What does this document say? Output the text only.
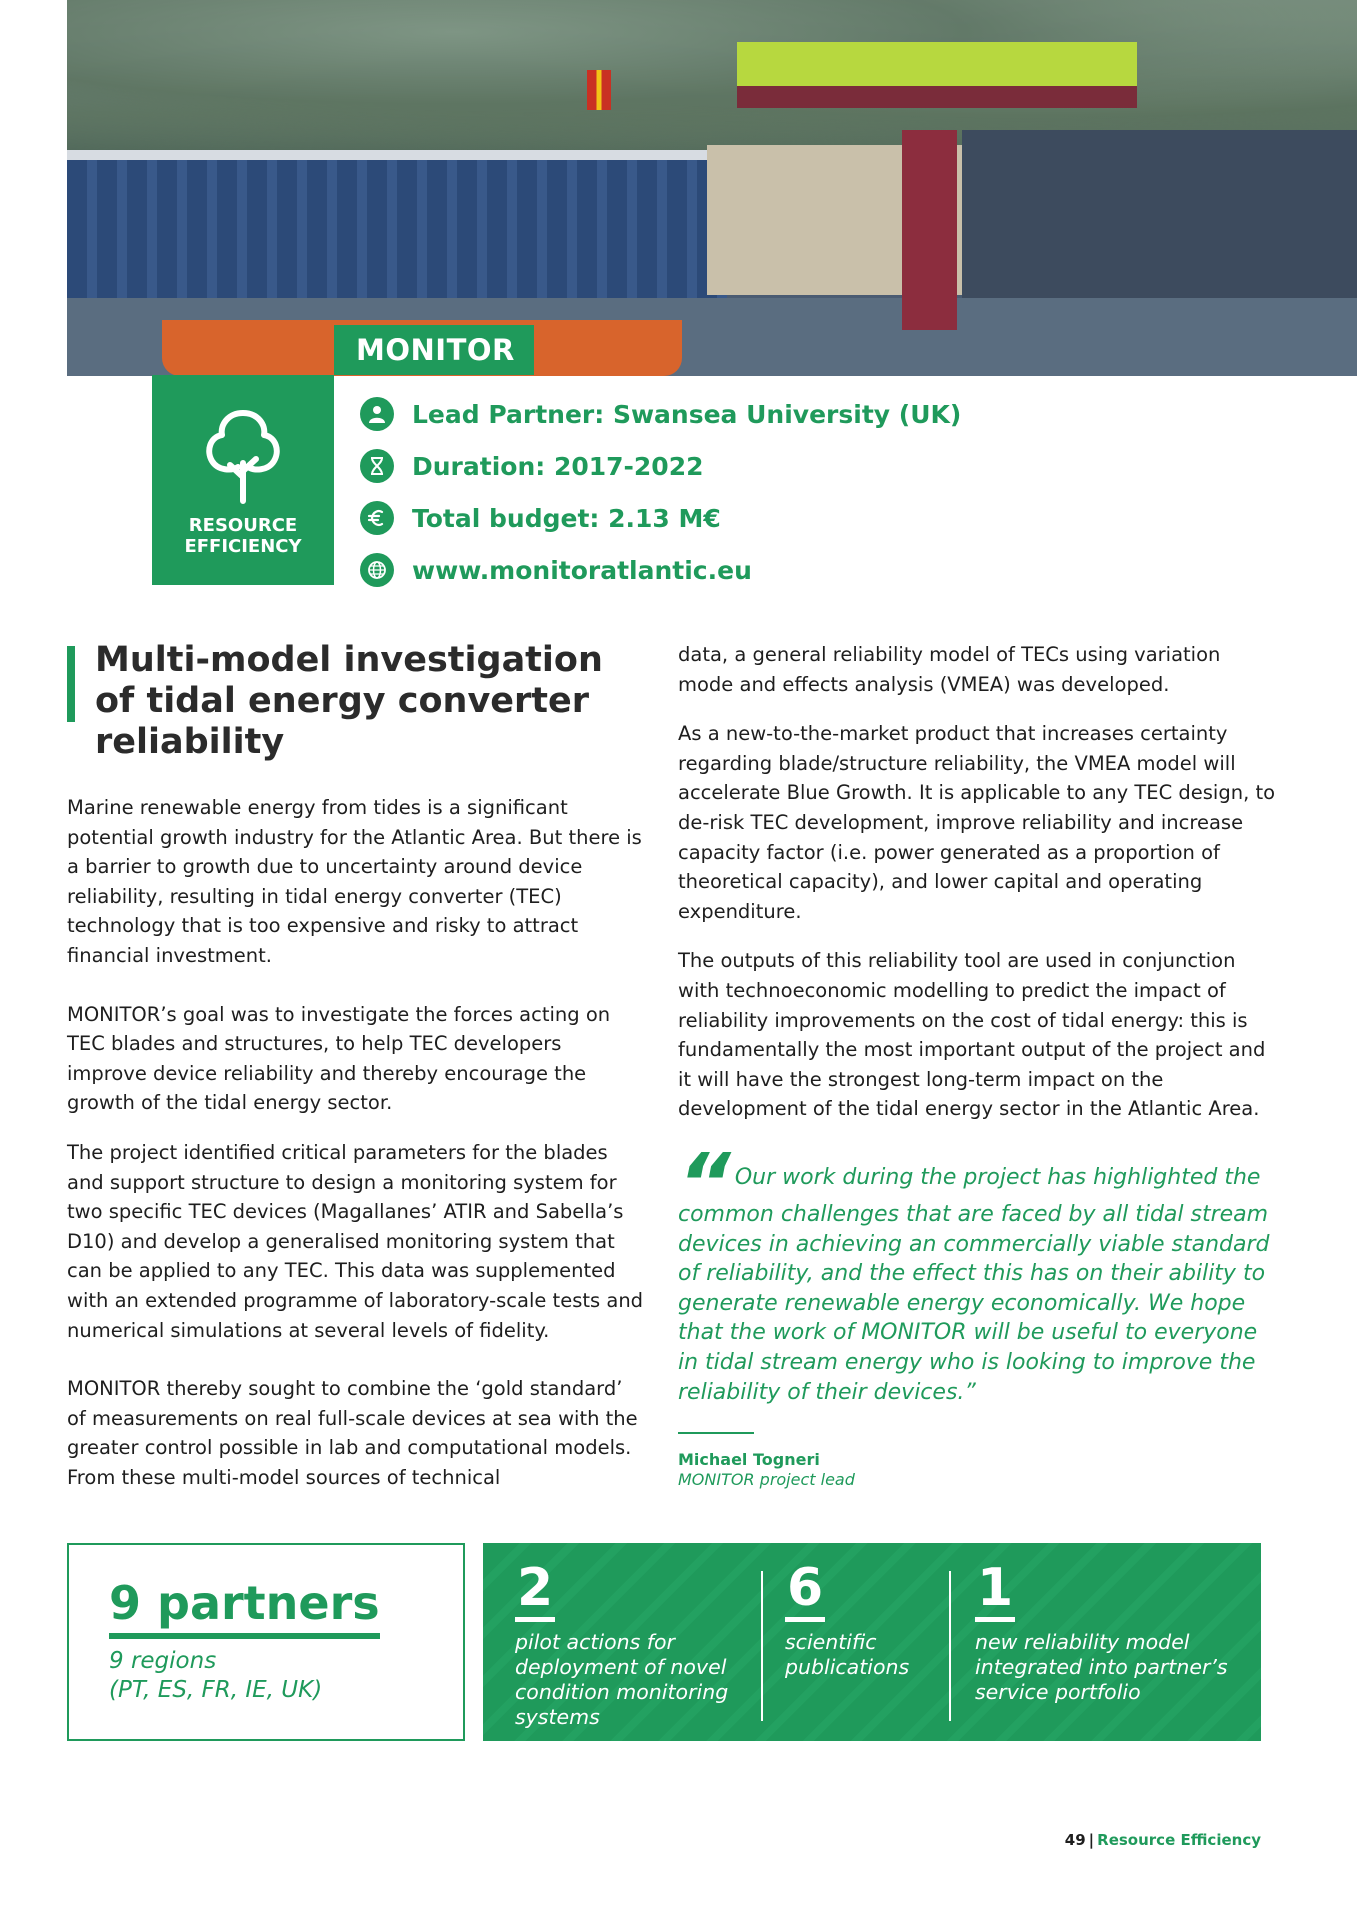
MONITOR
RESOURCE EFFICIENCY
Lead Partner: Swansea University (UK)
Duration: 2017-2022
Total budget: 2.13 M€
www.monitoratlantic.eu
Multi-model investigation of tidal energy converter reliability

Marine renewable energy from tides is a significant potential growth industry for the Atlantic Area. But there is a barrier to growth due to uncertainty around device reliability, resulting in tidal energy converter (TEC) technology that is too expensive and risky to attract financial investment.

MONITOR’s goal was to investigate the forces acting on TEC blades and structures, to help TEC developers improve device reliability and thereby encourage the growth of the tidal energy sector.

The project identified critical parameters for the blades and support structure to design a monitoring system for two specific TEC devices (Magallanes’ ATIR and Sabella’s D10) and develop a generalised monitoring system that can be applied to any TEC. This data was supplemented with an extended programme of laboratory-scale tests and numerical simulations at several levels of fidelity.

MONITOR thereby sought to combine the ‘gold standard’ of measurements on real full-scale devices at sea with the greater control possible in lab and computational models. From these multi-model sources of technical

data, a general reliability model of TECs using variation mode and effects analysis (VMEA) was developed.

As a new-to-the-market product that increases certainty regarding blade/structure reliability, the VMEA model will accelerate Blue Growth. It is applicable to any TEC design, to de-risk TEC development, improve reliability and increase capacity factor (i.e. power generated as a proportion of theoretical capacity), and lower capital and operating expenditure.

The outputs of this reliability tool are used in conjunction with technoeconomic modelling to predict the impact of reliability improvements on the cost of tidal energy: this is fundamentally the most important output of the project and it will have the strongest long-term impact on the development of the tidal energy sector in the Atlantic Area.

“ Our work during the project has highlighted the common challenges that are faced by all tidal stream devices in achieving an commercially viable standard of reliability, and the effect this has on their ability to generate renewable energy economically. We hope that the work of MONITOR will be useful to everyone in tidal stream energy who is looking to improve the reliability of their devices.”
Michael Togneri
MONITOR project lead
9 partners
9 regions
(PT, ES, FR, IE, UK)
2
pilot actions for deployment of novel condition monitoring systems
6
scientific publications
1
new reliability model integrated into partner’s service portfolio
49 | Resource Efficiency
